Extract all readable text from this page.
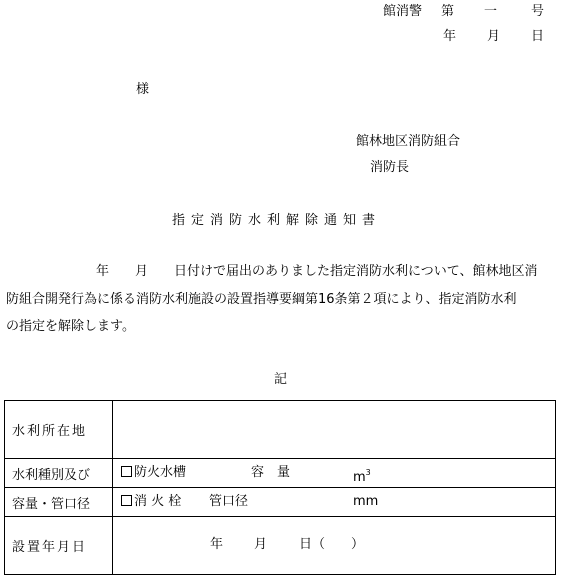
館消警 第 一	号
年 月 日
様
館林地区消防組合
消防長
指定消防水利解除通知書
　　年　　月　　日付けで届出のありました指定消防水利について、館林地区消
防組合開発行為に係る消防水利施設の設置指導要綱第16条第２項により、指定消防水利
の指定を解除します。
記
水利所在地	
水利種別及び	防火水槽 容　量 $m^3$

容量・管口径	消 火 栓 管口径 mm

設置年月日	年 月 日（　　）
